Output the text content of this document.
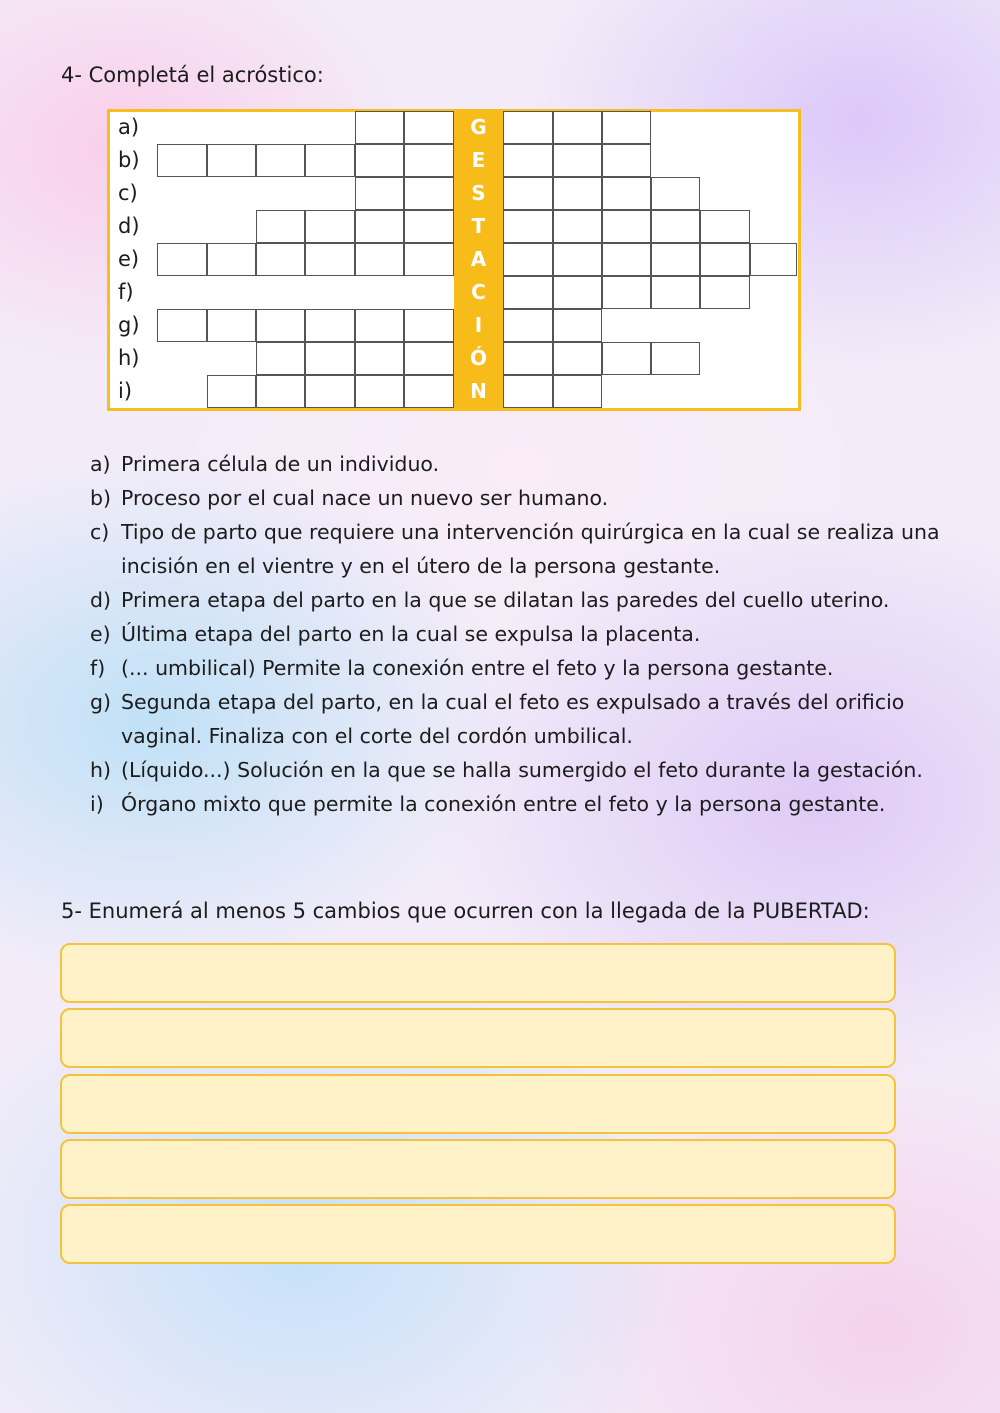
4- Completá el acróstico:
a)
b)
c)
d)
e)
f)
g)
h)
i)
G
E
S
T
A
C
I
Ó
N
a) Primera célula de un individuo.
b) Proceso por el cual nace un nuevo ser humano.
c) Tipo de parto que requiere una intervención quirúrgica en la cual se realiza una incisión en el vientre y en el útero de la persona gestante.
d) Primera etapa del parto en la que se dilatan las paredes del cuello uterino.
e) Última etapa del parto en la cual se expulsa la placenta.
f) (... umbilical) Permite la conexión entre el feto y la persona gestante.
g) Segunda etapa del parto, en la cual el feto es expulsado a través del orificio vaginal. Finaliza con el corte del cordón umbilical.
h) (Líquido...) Solución en la que se halla sumergido el feto durante la gestación.
i) Órgano mixto que permite la conexión entre el feto y la persona gestante.
5- Enumerá al menos 5 cambios que ocurren con la llegada de la PUBERTAD:
